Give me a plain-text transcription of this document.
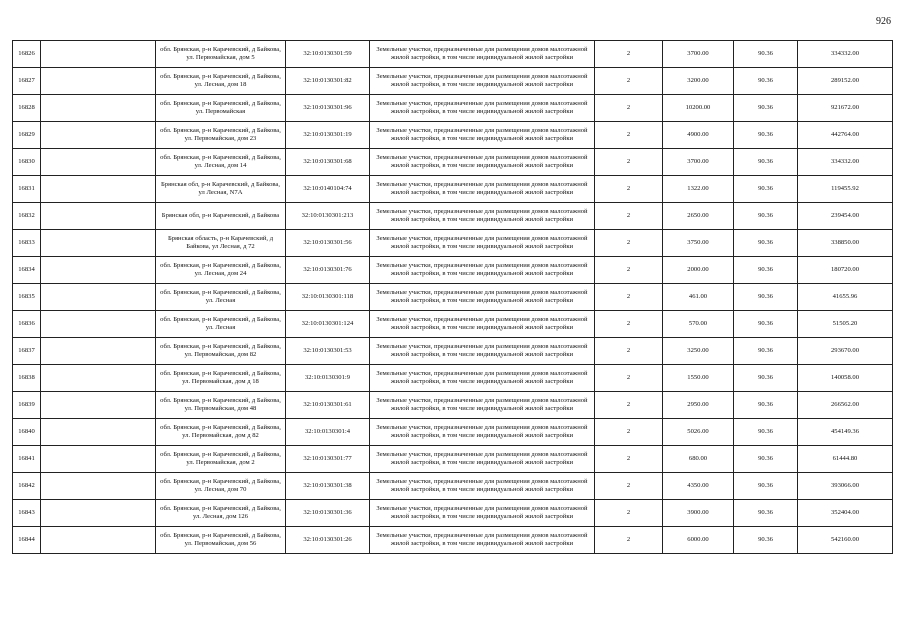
926
16826		обл. Брянская, р-н Карачевский, д Байкова, ул. Первомайская, дом 5	32:10:0130301:59	Земельные участки, предназначенные для размещения домов малоэтажной жилой застройки, в том числе индивидуальной жилой застройки	2	3700.00	90.36	334332.00
16827		обл. Брянская, р-н Карачевский, д Байкова, ул. Лесная, дом 18	32:10:0130301:82	Земельные участки, предназначенные для размещения домов малоэтажной жилой застройки, в том числе индивидуальной жилой застройки	2	3200.00	90.36	289152.00
16828		обл. Брянская, р-н Карачевский, д Байкова, ул. Первомайская	32:10:0130301:96	Земельные участки, предназначенные для размещения домов малоэтажной жилой застройки, в том числе индивидуальной жилой застройки	2	10200.00	90.36	921672.00
16829		обл. Брянская, р-н Карачевский, д Байкова, ул. Первомайская, дом 23	32:10:0130301:19	Земельные участки, предназначенные для размещения домов малоэтажной жилой застройки, в том числе индивидуальной жилой застройки	2	4900.00	90.36	442764.00
16830		обл. Брянская, р-н Карачевский, д Байкова, ул. Лесная, дом 14	32:10:0130301:68	Земельные участки, предназначенные для размещения домов малоэтажной жилой застройки, в том числе индивидуальной жилой застройки	2	3700.00	90.36	334332.00
16831		Брянская обл, р-н Карачевский, д Байкова, ул Лесная, N7A	32:10:0140104:74	Земельные участки, предназначенные для размещения домов малоэтажной жилой застройки, в том числе индивидуальной жилой застройки	2	1322.00	90.36	119455.92
16832		Брянская обл, р-н Карачевский, д Байкова	32:10:0130301:213	Земельные участки, предназначенные для размещения домов малоэтажной жилой застройки, в том числе индивидуальной жилой застройки	2	2650.00	90.36	239454.00
16833		Брянская область, р-н Карачевский, д Байкова, ул Лесная, д 72	32:10:0130301:56	Земельные участки, предназначенные для размещения домов малоэтажной жилой застройки, в том числе индивидуальной жилой застройки	2	3750.00	90.36	338850.00
16834		обл. Брянская, р-н Карачевский, д Байкова, ул. Лесная, дом 24	32:10:0130301:76	Земельные участки, предназначенные для размещения домов малоэтажной жилой застройки, в том числе индивидуальной жилой застройки	2	2000.00	90.36	180720.00
16835		обл. Брянская, р-н Карачевский, д Байкова, ул. Лесная	32:10:0130301:118	Земельные участки, предназначенные для размещения домов малоэтажной жилой застройки, в том числе индивидуальной жилой застройки	2	461.00	90.36	41655.96
16836		обл. Брянская, р-н Карачевский, д Байкова, ул. Лесная	32:10:0130301:124	Земельные участки, предназначенные для размещения домов малоэтажной жилой застройки, в том числе индивидуальной жилой застройки	2	570.00	90.36	51505.20
16837		обл. Брянская, р-н Карачевский, д Байкова, ул. Первомайская, дом 82	32:10:0130301:53	Земельные участки, предназначенные для размещения домов малоэтажной жилой застройки, в том числе индивидуальной жилой застройки	2	3250.00	90.36	293670.00
16838		обл. Брянская, р-н Карачевский, д Байкова, ул. Первомайская, дом д 18	32:10:0130301:9	Земельные участки, предназначенные для размещения домов малоэтажной жилой застройки, в том числе индивидуальной жилой застройки	2	1550.00	90.36	140058.00
16839		обл. Брянская, р-н Карачевский, д Байкова, ул. Первомайская, дом 48	32:10:0130301:61	Земельные участки, предназначенные для размещения домов малоэтажной жилой застройки, в том числе индивидуальной жилой застройки	2	2950.00	90.36	266562.00
16840		обл. Брянская, р-н Карачевский, д Байкова, ул. Первомайская, дом д 82	32:10:0130301:4	Земельные участки, предназначенные для размещения домов малоэтажной жилой застройки, в том числе индивидуальной жилой застройки	2	5026.00	90.36	454149.36
16841		обл. Брянская, р-н Карачевский, д Байкова, ул. Первомайская, дом 2	32:10:0130301:77	Земельные участки, предназначенные для размещения домов малоэтажной жилой застройки, в том числе индивидуальной жилой застройки	2	680.00	90.36	61444.80
16842		обл. Брянская, р-н Карачевский, д Байкова, ул. Лесная, дом 70	32:10:0130301:38	Земельные участки, предназначенные для размещения домов малоэтажной жилой застройки, в том числе индивидуальной жилой застройки	2	4350.00	90.36	393066.00
16843		обл. Брянская, р-н Карачевский, д Байкова, ул. Лесная, дом 126	32:10:0130301:36	Земельные участки, предназначенные для размещения домов малоэтажной жилой застройки, в том числе индивидуальной жилой застройки	2	3900.00	90.36	352404.00
16844		обл. Брянская, р-н Карачевский, д Байкова, ул. Первомайская, дом 56	32:10:0130301:26	Земельные участки, предназначенные для размещения домов малоэтажной жилой застройки, в том числе индивидуальной жилой застройки	2	6000.00	90.36	542160.00
